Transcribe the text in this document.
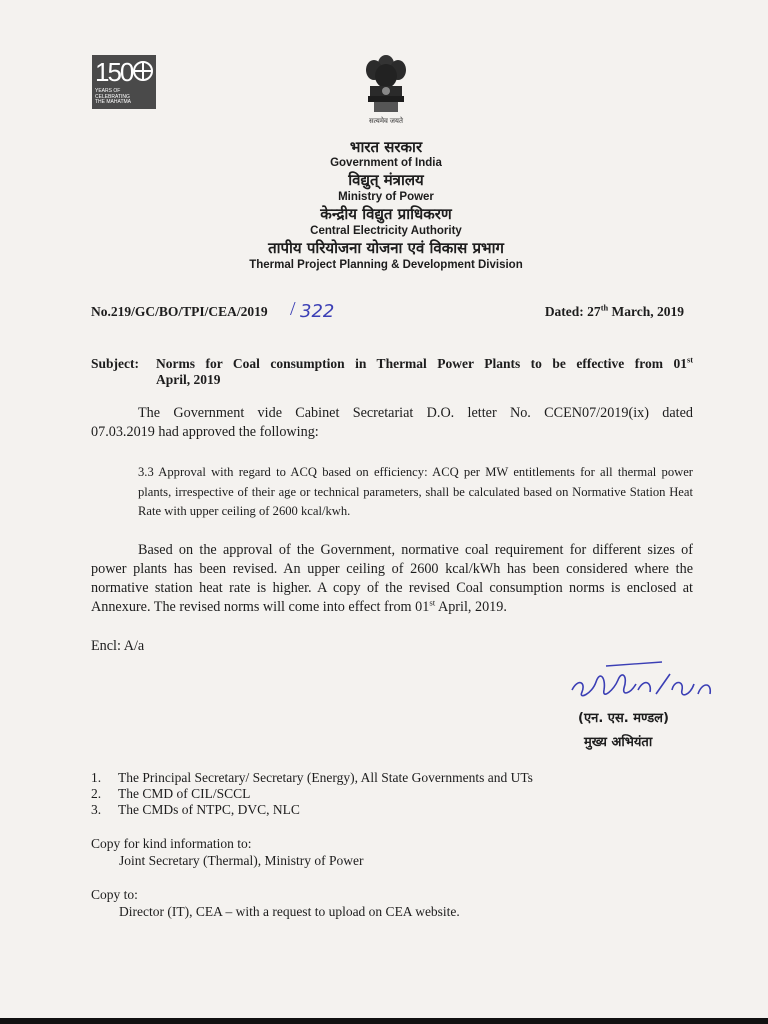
150
YEARS OF
CELEBRATING
THE MAHATMA
सत्यमेव जयते
भारत सरकार
Government of India
विद्युत् मंत्रालय
Ministry of Power
केन्द्रीय विद्युत प्राधिकरण
Central Electricity Authority
तापीय परियोजना योजना एवं विकास प्रभाग
Thermal Project Planning & Development Division
No.219/GC/BO/TPI/CEA/2019 / 322	Dated: 27th March, 2019
Subject:	Norms for Coal consumption in Thermal Power Plants to be effective from 01st
April, 2019
The Government vide Cabinet Secretariat D.O. letter No. CCEN07/2019(ix) dated
07.03.2019 had approved the following:
3.3 Approval with regard to ACQ based on efficiency: ACQ per MW entitlements for all thermal power plants, irrespective of their age or technical parameters, shall be calculated based on Normative Station Heat Rate with upper ceiling of 2600 kcal/kwh.
Based on the approval of the Government, normative coal requirement for different sizes of power plants has been revised. An upper ceiling of 2600 kcal/kWh has been considered where the normative station heat rate is higher. A copy of the revised Coal consumption norms is enclosed at Annexure. The revised norms will come into effect from 01st April, 2019.
Encl: A/a
(एन. एस. मण्डल)
मुख्य अभियंता
1. The Principal Secretary/ Secretary (Energy), All State Governments and UTs
2. The CMD of CIL/SCCL
3. The CMDs of NTPC, DVC, NLC
Copy for kind information to:
Joint Secretary (Thermal), Ministry of Power
Copy to:
Director (IT), CEA – with a request to upload on CEA website.
